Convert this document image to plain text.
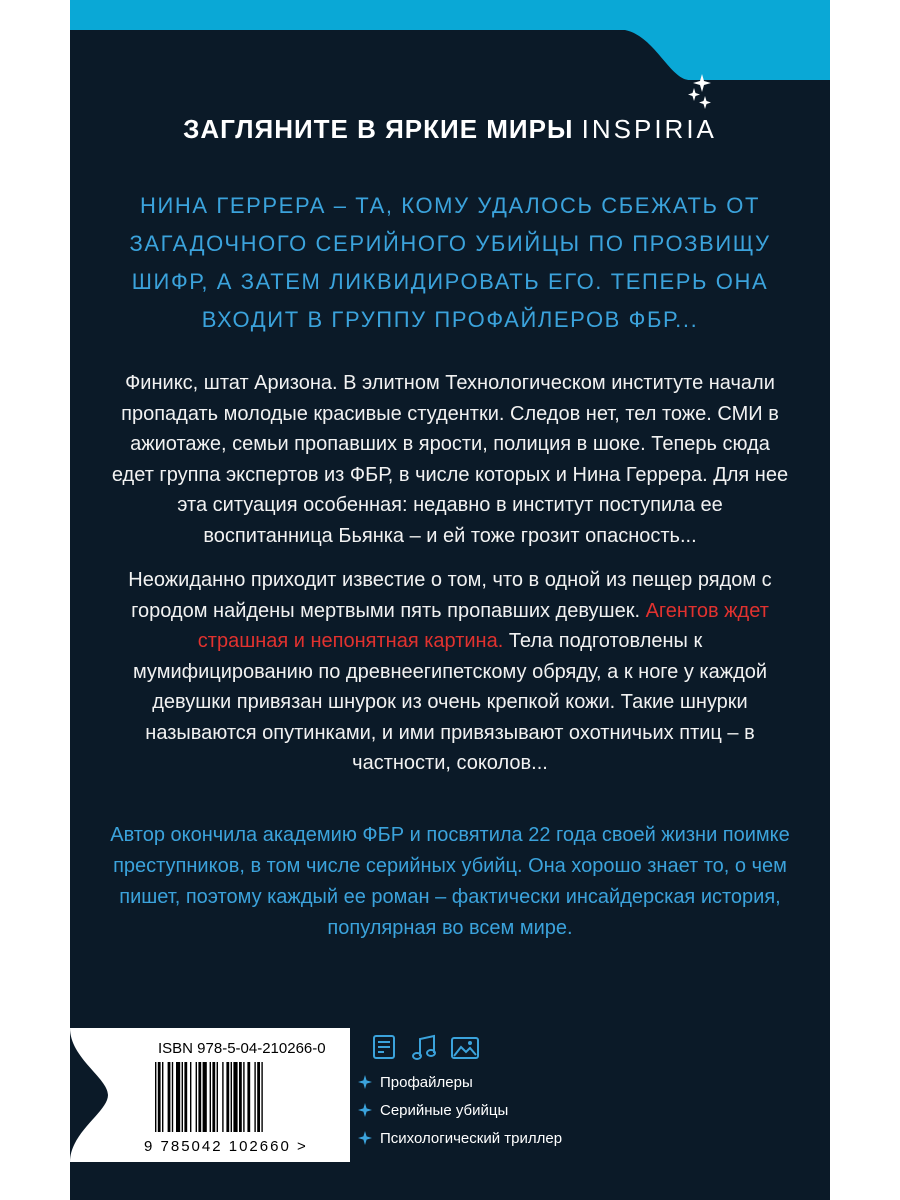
ЗАГЛЯНИТЕ В ЯРКИЕ МИРЫ INSPIRIA

НИНА ГЕРРЕРА – ТА, КОМУ УДАЛОСЬ СБЕЖАТЬ ОТ ЗАГАДОЧНОГО СЕРИЙНОГО УБИЙЦЫ ПО ПРОЗВИЩУ ШИФР, А ЗАТЕМ ЛИКВИДИРОВАТЬ ЕГО. ТЕПЕРЬ ОНА ВХОДИТ В ГРУППУ ПРОФАЙЛЕРОВ ФБР...

Финикс, штат Аризона. В элитном Технологическом институте начали пропадать молодые красивые студентки. Следов нет, тел тоже. СМИ в ажиотаже, семьи пропавших в ярости, полиция в шоке. Теперь сюда едет группа экспертов из ФБР, в числе которых и Нина Геррера. Для нее эта ситуация особенная: недавно в институт поступила ее воспитанница Бьянка – и ей тоже грозит опасность...

Неожиданно приходит известие о том, что в одной из пещер рядом с городом найдены мертвыми пять пропавших девушек. Агентов ждет страшная и непонятная картина. Тела подготовлены к мумифицированию по древнеегипетскому обряду, а к ноге у каждой девушки привязан шнурок из очень крепкой кожи. Такие шнурки называются опутинками, и ими привязывают охотничьих птиц – в частности, соколов...

Автор окончила академию ФБР и посвятила 22 года своей жизни поимке преступников, в том числе серийных убийц. Она хорошо знает то, о чем пишет, поэтому каждый ее роман – фактически инсайдерская история, популярная во всем мире.

ISBN 978-5-04-210266-0
9 785042 102660 >
Профайлеры
Серийные убийцы
Психологический триллер
